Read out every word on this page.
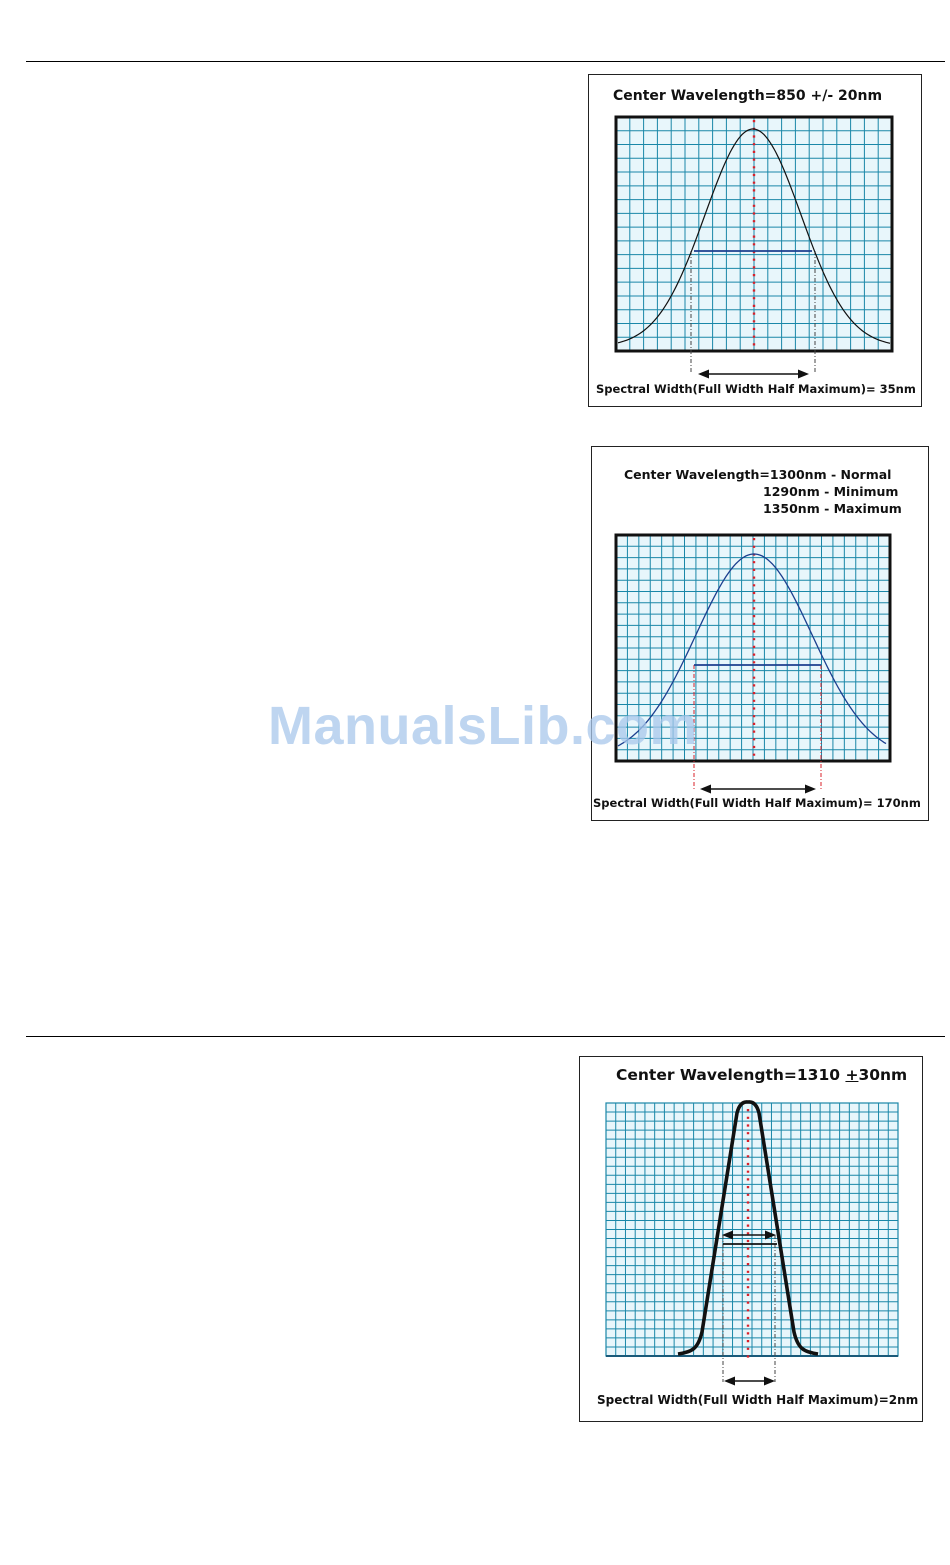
Center Wavelength=850 +/- 20nm
Spectral Width(Full Width Half Maximum)= 35nm
Center Wavelength=1300nm - Normal
1290nm - Minimum
1350nm - Maximum
Spectral Width(Full Width Half Maximum)= 170nm
Center Wavelength=1310 +30nm
Spectral Width(Full Width Half Maximum)=2nm
ManualsLib.com
